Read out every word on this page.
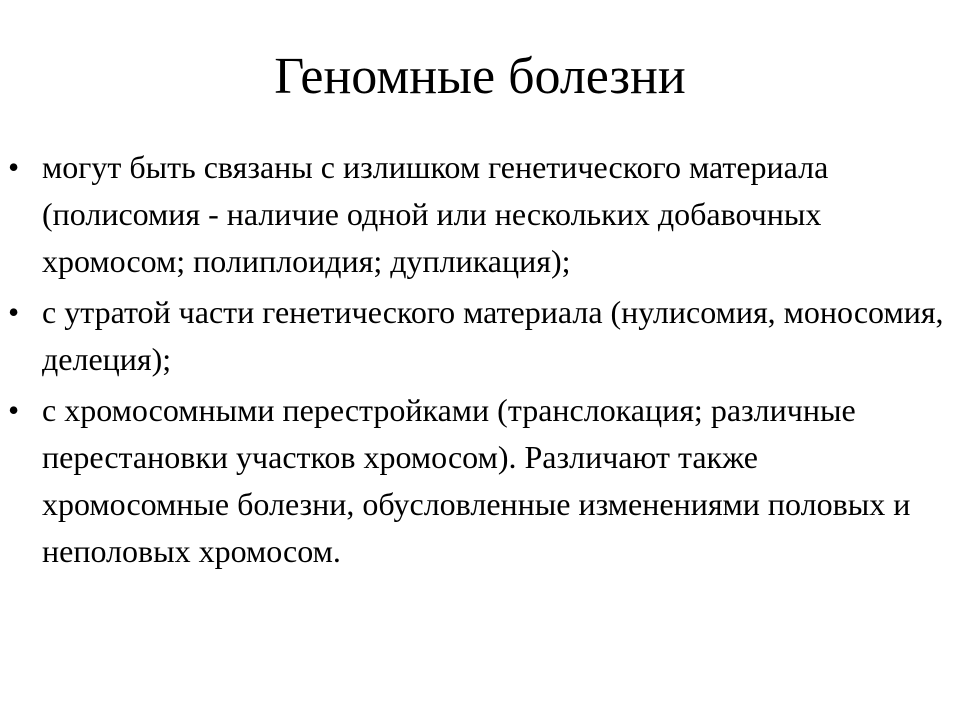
Геномные болезни
• могут быть связаны с излишком генетического материала (полисомия - наличие одной или нескольких добавочных хромосом; полиплоидия; дупликация);
• с утратой части генетического материала (нулисомия, моносомия, делеция);
• с хромосомными перестройками (транслокация; различные перестановки участков хромосом). Различают также хромосомные болезни, обусловленные изменениями половых и неполовых хромосом.
